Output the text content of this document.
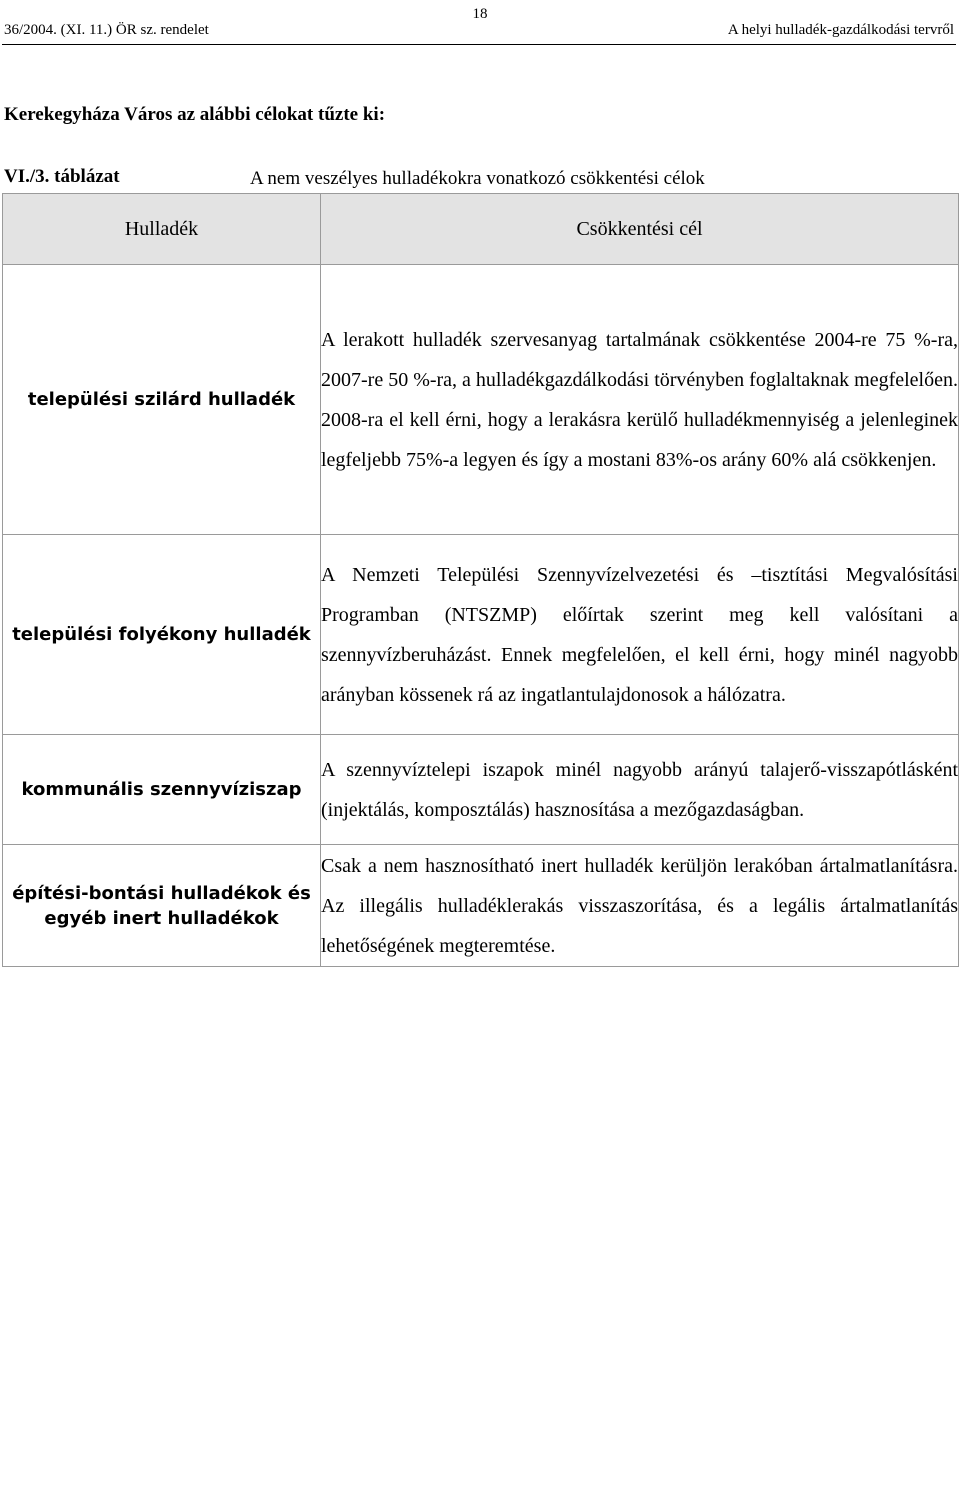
18
36/2004. (XI. 11.) ÖR sz. rendelet	A helyi hulladék-gazdálkodási tervről
Kerekegyháza Város az alábbi célokat tűzte ki:
VI./3. táblázat	A nem veszélyes hulladékokra vonatkozó csökkentési célok
Hulladék	Csökkentési cél
települési szilárd hulladék	A lerakott hulladék szervesanyag tartalmának csökkentése 2004-re 75 %-ra, 2007-re 50 %-ra, a hulladékgazdálkodási törvényben foglaltaknak megfelelően.

2008-ra el kell érni, hogy a lerakásra kerülő hulladékmennyiség a jelenleginek legfeljebb 75%-a legyen és így a mostani 83%-os arány 60% alá csökkenjen.

települési folyékony hulladék	A Nemzeti Települési Szennyvízelvezetési és –tisztítási Megvalósítási Programban (NTSZMP) előírtak szerint meg kell valósítani a szennyvízberuházást. Ennek megfelelően, el kell érni, hogy minél nagyobb arányban kössenek rá az ingatlantulajdonosok a hálózatra.

kommunális szennyvíziszap	A szennyvíztelepi iszapok minél nagyobb arányú talajerő-visszapótlásként (injektálás, komposztálás) hasznosítása a mezőgazdaságban.

építési-bontási hulladékok és egyéb inert hulladékok	Csak a nem hasznosítható inert hulladék kerüljön lerakóban ártalmatlanításra. Az illegális hulladéklerakás visszaszorítása, és a legális ártalmatlanítás lehetőségének megteremtése.
